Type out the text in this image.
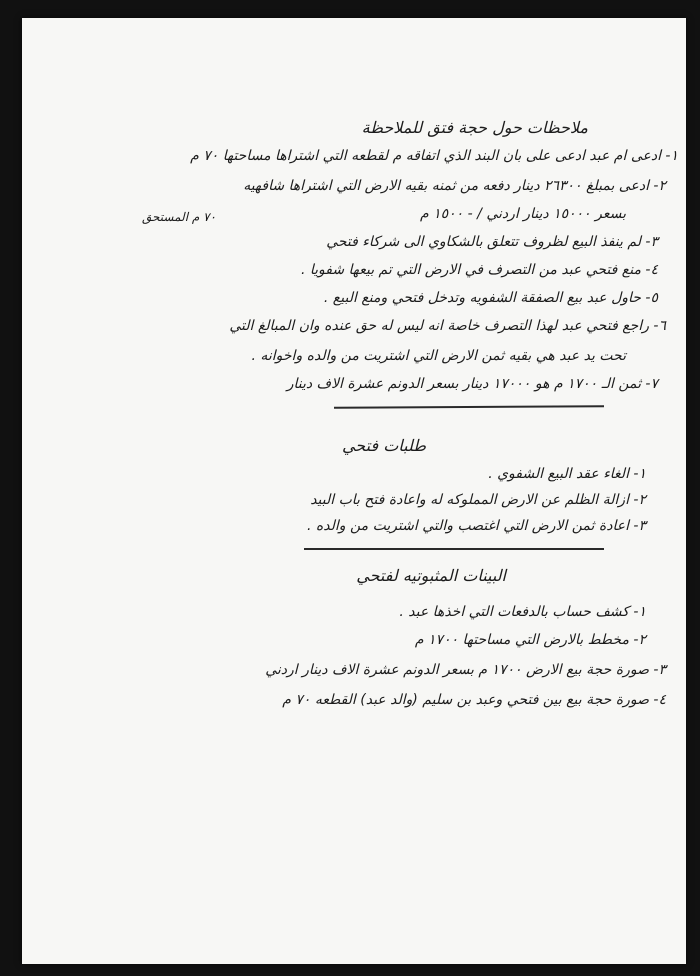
ملاحظات حول حجة فتق للملاحظة
١- ادعى ام عبد ادعى على بان البند الذي اتفاقه م لقطعه التي اشتراها مساحتها ٧٠ م
٢- ادعى بمبلغ ٢٦٣٠٠ دينار دفعه من ثمنه بقيه الارض التي اشتراها شافهيه
بسعر ١٥٠٠٠ دينار اردني / - ١٥٠٠ م
٧٠ م المستحق
٣- لم ينفذ البيع لظروف تتعلق بالشكاوي الى شركاء فتحي
٤- منع فتحي عبد من التصرف في الارض التي تم بيعها شفويا .
٥- حاول عبد بيع الصفقة الشفويه وتدخل فتحي ومنع البيع .
٦- راجع فتحي عبد لهذا التصرف خاصة انه ليس له حق عنده وان المبالغ التي
تحت يد عبد هي بقيه ثمن الارض التي اشتريت من والده واخوانه .
٧- ثمن الـ ١٧٠٠ م هو ١٧٠٠٠ دينار بسعر الدونم عشرة الاف دينار
طلبات فتحي
١- الغاء عقد البيع الشفوي .
٢- ازالة الظلم عن الارض المملوكه له واعادة فتح باب البيد
٣- اعادة ثمن الارض التي اغتصب والتي اشتريت من والده .
البينات المثبوتيه لفتحي
١- كشف حساب بالدفعات التي اخذها عبد .
٢- مخطط بالارض التي مساحتها ١٧٠٠ م
٣- صورة حجة بيع الارض ١٧٠٠ م بسعر الدونم عشرة الاف دينار اردني
٤- صورة حجة بيع بين فتحي وعبد بن سليم (والد عبد) القطعه ٧٠ م
